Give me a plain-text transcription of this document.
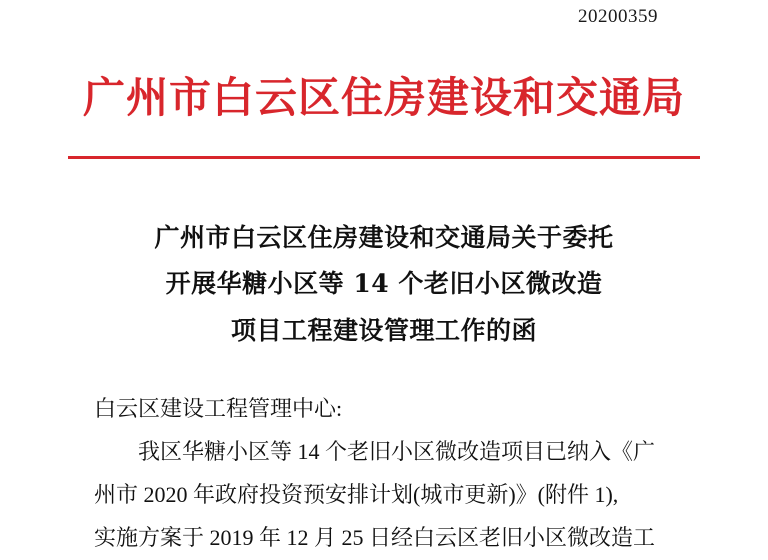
20200359
广州市白云区住房建设和交通局
广州市白云区住房建设和交通局关于委托
开展华糖小区等 14 个老旧小区微改造
项目工程建设管理工作的函

白云区建设工程管理中心:

我区华糖小区等 14 个老旧小区微改造项目已纳入《广

州市 2020 年政府投资预安排计划(城市更新)》(附件 1),

实施方案于 2019 年 12 月 25 日经白云区老旧小区微改造工
